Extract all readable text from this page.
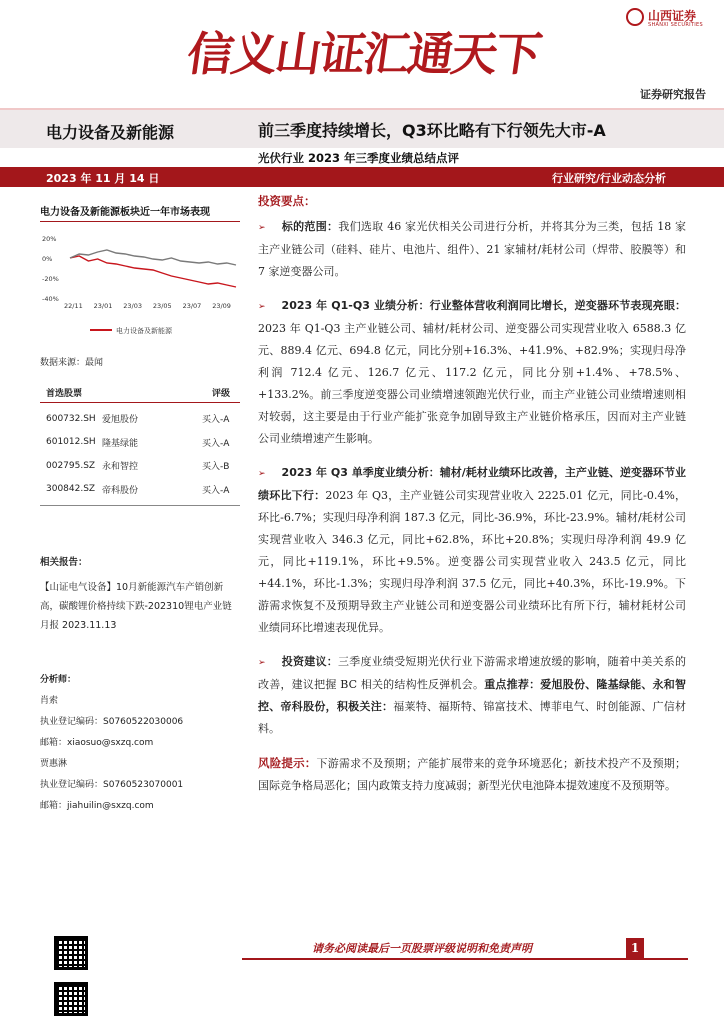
信义山证汇通天下
山西证券
SHANXI SECURITIES
证券研究报告
电力设备及新能源	前三季度持续增长，Q3环比略有下行领先大市-A
光伏行业 2023 年三季度业绩总结点评
2023 年 11 月 14 日	行业研究/行业动态分析
电力设备及新能源板块近一年市场表现
20%
0%
-20%
-40%
22/11 23/01 23/03 23/05 23/07 23/09
电力设备及新能源
数据来源：最闻
首选股票	评级
600732.SH 爱旭股份	买入-A
601012.SH 隆基绿能	买入-A
002795.SZ 永和智控	买入-B
300842.SZ 帝科股份	买入-A
相关报告：
【山证电气设备】10月新能源汽车产销创新高，碳酸锂价格持续下跌-202310锂电产业链月报 2023.11.13
分析师：
肖索
执业登记编码：S0760522030006
邮箱：xiaosuo@sxzq.com
贾惠淋
执业登记编码：S0760523070001
邮箱：jiahuilin@sxzq.com
投资要点：
➢ 标的范围：我们选取 46 家光伏相关公司进行分析，并将其分为三类，包括 18 家主产业链公司（硅料、硅片、电池片、组件）、21 家辅材/耗材公司（焊带、胶膜等）和 7 家逆变器公司。
➢ 2023 年 Q1-Q3 业绩分析：行业整体营收利润同比增长，逆变器环节表现亮眼：2023 年 Q1-Q3 主产业链公司、辅材/耗材公司、逆变器公司实现营业收入 6588.3 亿元、889.4 亿元、694.8 亿元，同比分别+16.3%、+41.9%、+82.9%；实现归母净利润 712.4 亿元、126.7 亿元、117.2 亿元，同比分别+1.4%、+78.5%、+133.2%。前三季度逆变器公司业绩增速领跑光伏行业，而主产业链公司业绩增速则相对较弱，这主要是由于行业产能扩张竞争加剧导致主产业链价格承压，因而对主产业链公司业绩增速产生影响。
➢ 2023 年 Q3 单季度业绩分析：辅材/耗材业绩环比改善，主产业链、逆变器环节业绩环比下行：2023 年 Q3，主产业链公司实现营业收入 2225.01 亿元，同比-0.4%，环比-6.7%；实现归母净利润 187.3 亿元，同比-36.9%，环比-23.9%。辅材/耗材公司实现营业收入 346.3 亿元，同比+62.8%，环比+20.8%；实现归母净利润 49.9 亿元，同比+119.1%，环比+9.5%。逆变器公司实现营业收入 243.5 亿元，同比+44.1%，环比-1.3%；实现归母净利润 37.5 亿元，同比+40.3%，环比-19.9%。下游需求恢复不及预期导致主产业链公司和逆变器公司业绩环比有所下行，辅材耗材公司业绩同环比增速表现优异。
➢ 投资建议：三季度业绩受短期光伏行业下游需求增速放缓的影响，随着中美关系的改善，建议把握 BC 相关的结构性反弹机会。重点推荐：爱旭股份、隆基绿能、永和智控、帝科股份，积极关注：福莱特、福斯特、锦富技术、博菲电气、时创能源、广信材料。
风险提示：下游需求不及预期；产能扩展带来的竞争环境恶化；新技术投产不及预期；国际竞争格局恶化；国内政策支持力度减弱；新型光伏电池降本提效速度不及预期等。
请务必阅读最后一页股票评级说明和免责声明	1
